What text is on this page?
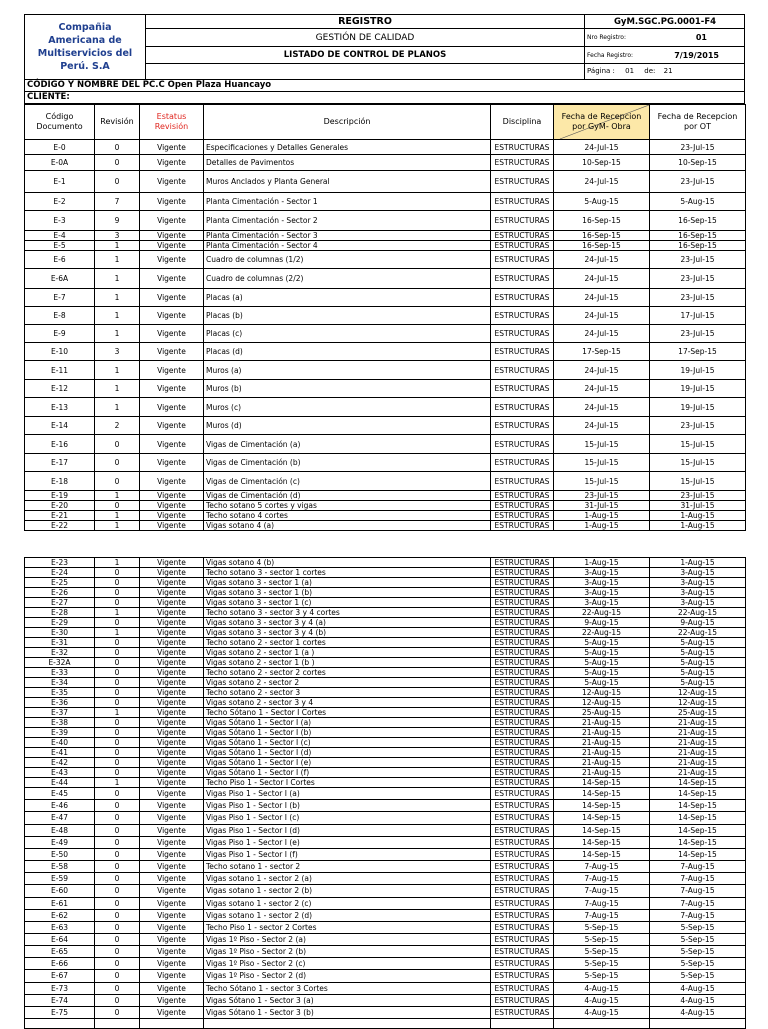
Compañia Americana de Multiservicios del Perú. S.A
REGISTRO
GESTIÓN DE CALIDAD
LISTADO DE CONTROL DE PLANOS
GyM.SGC.PG.0001-F4
Nro Registro:	01
Fecha Registro:	7/19/2015
Página : 01 de: 21
CÓDIGO Y NOMBRE DEL PC.C Open Plaza Huancayo
CLIENTE:
Código Documento	Revisión	Estatus Revisión	Descripción	Disciplina	Fecha de Recepcion por GyM- Obra	Fecha de Recepcion por OT
E-0	0	Vigente	Especificaciones y Detalles Generales	ESTRUCTURAS	24-Jul-15	23-Jul-15
E-0A	0	Vigente	Detalles de Pavimentos	ESTRUCTURAS	10-Sep-15	10-Sep-15
E-1	0	Vigente	Muros Anclados y Planta General	ESTRUCTURAS	24-Jul-15	23-Jul-15
E-2	7	Vigente	Planta Cimentación - Sector 1	ESTRUCTURAS	5-Aug-15	5-Aug-15
E-3	9	Vigente	Planta Cimentación - Sector 2	ESTRUCTURAS	16-Sep-15	16-Sep-15
E-4	3	Vigente	Planta Cimentación - Sector 3	ESTRUCTURAS	16-Sep-15	16-Sep-15
E-5	1	Vigente	Planta Cimentación - Sector 4	ESTRUCTURAS	16-Sep-15	16-Sep-15
E-6	1	Vigente	Cuadro de columnas (1/2)	ESTRUCTURAS	24-Jul-15	23-Jul-15
E-6A	1	Vigente	Cuadro de columnas (2/2)	ESTRUCTURAS	24-Jul-15	23-Jul-15
E-7	1	Vigente	Placas (a)	ESTRUCTURAS	24-Jul-15	23-Jul-15
E-8	1	Vigente	Placas (b)	ESTRUCTURAS	24-Jul-15	17-Jul-15
E-9	1	Vigente	Placas (c)	ESTRUCTURAS	24-Jul-15	23-Jul-15
E-10	3	Vigente	Placas (d)	ESTRUCTURAS	17-Sep-15	17-Sep-15
E-11	1	Vigente	Muros (a)	ESTRUCTURAS	24-Jul-15	19-Jul-15
E-12	1	Vigente	Muros (b)	ESTRUCTURAS	24-Jul-15	19-Jul-15
E-13	1	Vigente	Muros (c)	ESTRUCTURAS	24-Jul-15	19-Jul-15
E-14	2	Vigente	Muros (d)	ESTRUCTURAS	24-Jul-15	23-Jul-15
E-16	0	Vigente	Vigas de Cimentación (a)	ESTRUCTURAS	15-Jul-15	15-Jul-15
E-17	0	Vigente	Vigas de Cimentación (b)	ESTRUCTURAS	15-Jul-15	15-Jul-15
E-18	0	Vigente	Vigas de Cimentación (c)	ESTRUCTURAS	15-Jul-15	15-Jul-15
E-19	1	Vigente	Vigas de Cimentación (d)	ESTRUCTURAS	23-Jul-15	23-Jul-15
E-20	0	Vigente	Techo sotano 5 cortes y vigas	ESTRUCTURAS	31-Jul-15	31-Jul-15
E-21	1	Vigente	Techo sotano 4 cortes	ESTRUCTURAS	1-Aug-15	1-Aug-15
E-22	1	Vigente	Vigas sotano 4 (a)	ESTRUCTURAS	1-Aug-15	1-Aug-15
E-23	1	Vigente	Vigas sotano 4 (b)	ESTRUCTURAS	1-Aug-15	1-Aug-15
E-24	0	Vigente	Techo sotano 3 - sector 1 cortes	ESTRUCTURAS	3-Aug-15	3-Aug-15
E-25	0	Vigente	Vigas sotano 3 - sector 1 (a)	ESTRUCTURAS	3-Aug-15	3-Aug-15
E-26	0	Vigente	Vigas sotano 3 - sector 1 (b)	ESTRUCTURAS	3-Aug-15	3-Aug-15
E-27	0	Vigente	Vigas sotano 3 - sector 1 (c)	ESTRUCTURAS	3-Aug-15	3-Aug-15
E-28	1	Vigente	Techo sotano 3 - sector 3 y 4 cortes	ESTRUCTURAS	22-Aug-15	22-Aug-15
E-29	0	Vigente	Vigas sotano 3 - sector 3 y 4 (a)	ESTRUCTURAS	9-Aug-15	9-Aug-15
E-30	1	Vigente	Vigas sotano 3 - sector 3 y 4 (b)	ESTRUCTURAS	22-Aug-15	22-Aug-15
E-31	0	Vigente	Techo sotano 2 - sector 1 cortes	ESTRUCTURAS	5-Aug-15	5-Aug-15
E-32	0	Vigente	Vigas sotano 2 - sector 1 (a )	ESTRUCTURAS	5-Aug-15	5-Aug-15
E-32A	0	Vigente	Vigas sotano 2 - sector 1 (b )	ESTRUCTURAS	5-Aug-15	5-Aug-15
E-33	0	Vigente	Techo sotano 2 - sector 2 cortes	ESTRUCTURAS	5-Aug-15	5-Aug-15
E-34	0	Vigente	Vigas sotano 2 - sector 2	ESTRUCTURAS	5-Aug-15	5-Aug-15
E-35	0	Vigente	Techo sotano 2 - sector 3	ESTRUCTURAS	12-Aug-15	12-Aug-15
E-36	0	Vigente	Vigas sotano 2 - sector 3 y 4	ESTRUCTURAS	12-Aug-15	12-Aug-15
E-37	1	Vigente	Techo Sótano 1 - Sector I Cortes	ESTRUCTURAS	25-Aug-15	25-Aug-15
E-38	0	Vigente	Vigas Sótano 1 - Sector I (a)	ESTRUCTURAS	21-Aug-15	21-Aug-15
E-39	0	Vigente	Vigas Sótano 1 - Sector I (b)	ESTRUCTURAS	21-Aug-15	21-Aug-15
E-40	0	Vigente	Vigas Sótano 1 - Sector I (c)	ESTRUCTURAS	21-Aug-15	21-Aug-15
E-41	0	Vigente	Vigas Sótano 1 - Sector I (d)	ESTRUCTURAS	21-Aug-15	21-Aug-15
E-42	0	Vigente	Vigas Sótano 1 - Sector I (e)	ESTRUCTURAS	21-Aug-15	21-Aug-15
E-43	0	Vigente	Vigas Sótano 1 - Sector I (f)	ESTRUCTURAS	21-Aug-15	21-Aug-15
E-44	1	Vigente	Techo Piso 1 - Sector I Cortes	ESTRUCTURAS	14-Sep-15	14-Sep-15
E-45	0	Vigente	Vigas Piso 1 - Sector I (a)	ESTRUCTURAS	14-Sep-15	14-Sep-15
E-46	0	Vigente	Vigas Piso 1 - Sector I (b)	ESTRUCTURAS	14-Sep-15	14-Sep-15
E-47	0	Vigente	Vigas Piso 1 - Sector I (c)	ESTRUCTURAS	14-Sep-15	14-Sep-15
E-48	0	Vigente	Vigas Piso 1 - Sector I (d)	ESTRUCTURAS	14-Sep-15	14-Sep-15
E-49	0	Vigente	Vigas Piso 1 - Sector I (e)	ESTRUCTURAS	14-Sep-15	14-Sep-15
E-50	0	Vigente	Vigas Piso 1 - Sector I (f)	ESTRUCTURAS	14-Sep-15	14-Sep-15
E-58	0	Vigente	Techo sotano 1 - sector 2	ESTRUCTURAS	7-Aug-15	7-Aug-15
E-59	0	Vigente	Vigas sotano 1 - sector 2 (a)	ESTRUCTURAS	7-Aug-15	7-Aug-15
E-60	0	Vigente	Vigas sotano 1 - sector 2 (b)	ESTRUCTURAS	7-Aug-15	7-Aug-15
E-61	0	Vigente	Vigas sotano 1 - sector 2 (c)	ESTRUCTURAS	7-Aug-15	7-Aug-15
E-62	0	Vigente	Vigas sotano 1 - sector 2 (d)	ESTRUCTURAS	7-Aug-15	7-Aug-15
E-63	0	Vigente	Techo Piso 1 - sector 2 Cortes	ESTRUCTURAS	5-Sep-15	5-Sep-15
E-64	0	Vigente	Vigas 1º Piso - Sector 2 (a)	ESTRUCTURAS	5-Sep-15	5-Sep-15
E-65	0	Vigente	Vigas 1º Piso - Sector 2 (b)	ESTRUCTURAS	5-Sep-15	5-Sep-15
E-66	0	Vigente	Vigas 1º Piso - Sector 2 (c)	ESTRUCTURAS	5-Sep-15	5-Sep-15
E-67	0	Vigente	Vigas 1º Piso - Sector 2 (d)	ESTRUCTURAS	5-Sep-15	5-Sep-15
E-73	0	Vigente	Techo Sótano 1 - sector 3 Cortes	ESTRUCTURAS	4-Aug-15	4-Aug-15
E-74	0	Vigente	Vigas Sótano 1 - Sector 3 (a)	ESTRUCTURAS	4-Aug-15	4-Aug-15
E-75	0	Vigente	Vigas Sótano 1 - Sector 3 (b)	ESTRUCTURAS	4-Aug-15	4-Aug-15
